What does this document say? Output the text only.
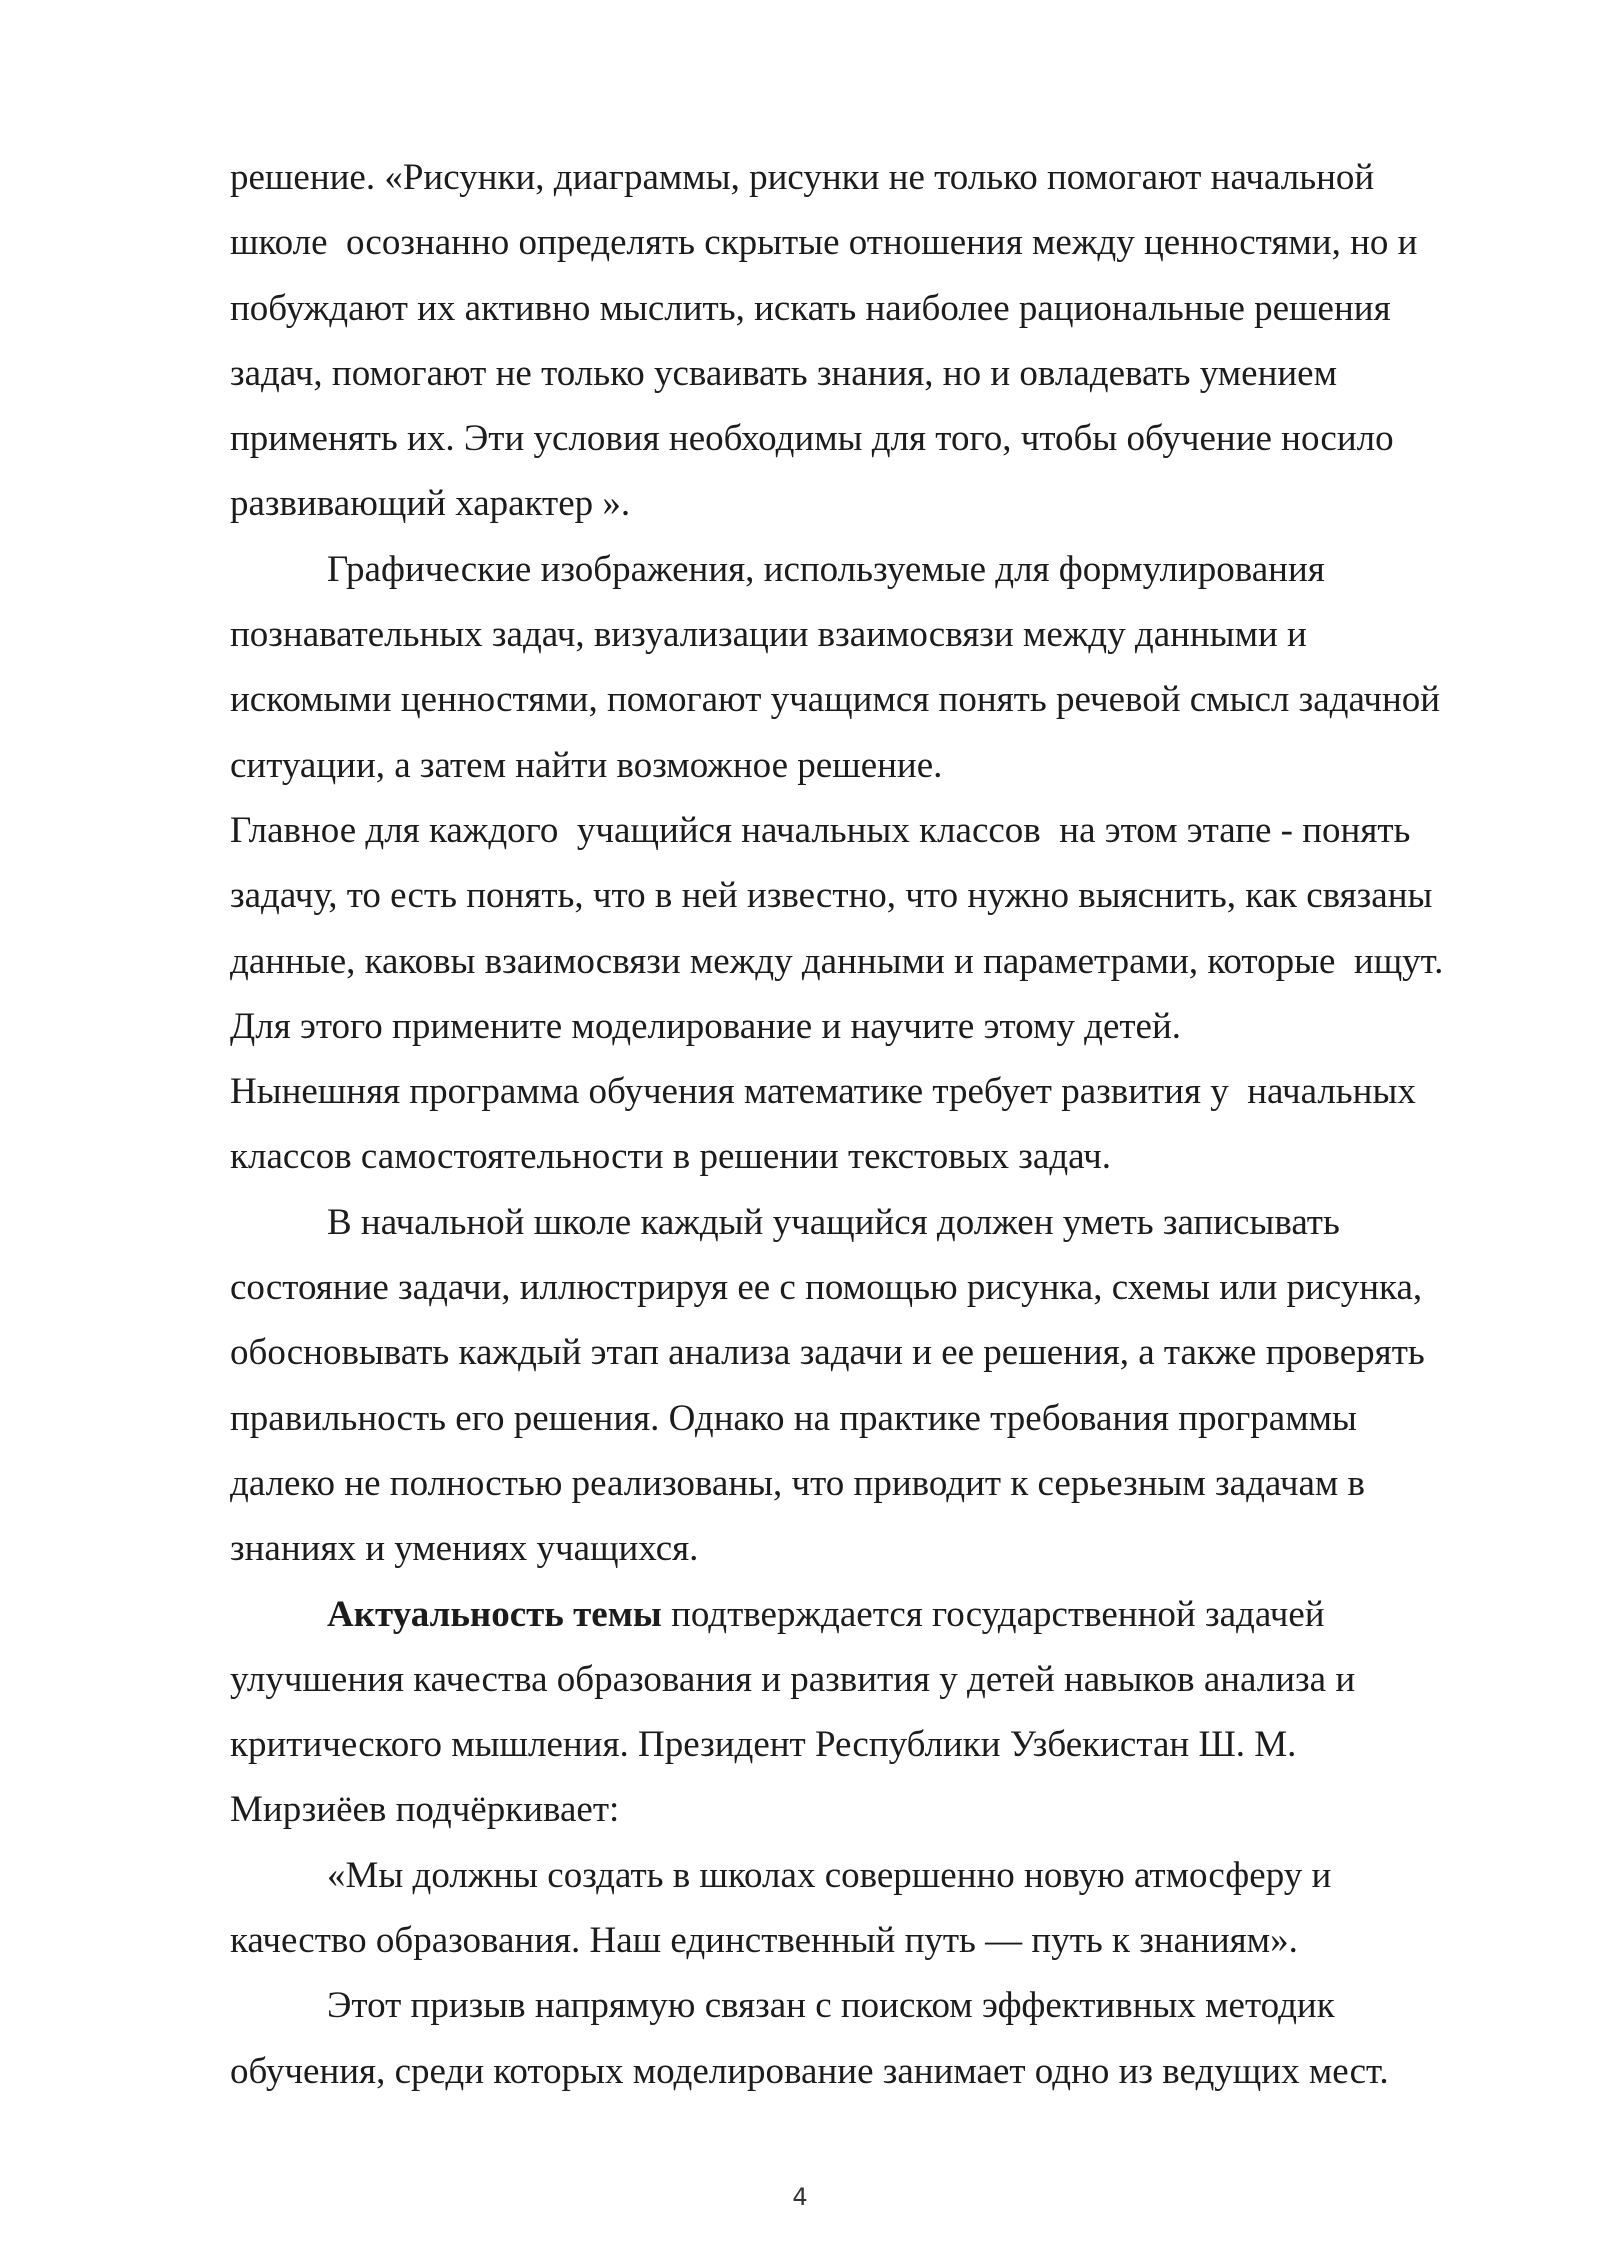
решение. «Рисунки, диаграммы, рисунки не только помогают начальной
школе  осознанно определять скрытые отношения между ценностями, но и
побуждают их активно мыслить, искать наиболее рациональные решения
задач, помогают не только усваивать знания, но и овладевать умением
применять их. Эти условия необходимы для того, чтобы обучение носило
развивающий характер ».
Графические изображения, используемые для формулирования
познавательных задач, визуализации взаимосвязи между данными и
искомыми ценностями, помогают учащимся понять речевой смысл задачной
ситуации, а затем найти возможное решение.
Главное для каждого  учащийся начальных классов  на этом этапе - понять
задачу, то есть понять, что в ней известно, что нужно выяснить, как связаны
данные, каковы взаимосвязи между данными и параметрами, которые  ищут.
Для этого примените моделирование и научите этому детей.
Нынешняя программа обучения математике требует развития у  начальных
классов самостоятельности в решении текстовых задач.
В начальной школе каждый учащийся должен уметь записывать
состояние задачи, иллюстрируя ее с помощью рисунка, схемы или рисунка,
обосновывать каждый этап анализа задачи и ее решения, а также проверять
правильность его решения. Однако на практике требования программы
далеко не полностью реализованы, что приводит к серьезным задачам в
знаниях и умениях учащихся.
Актуальность темы подтверждается государственной задачей
улучшения качества образования и развития у детей навыков анализа и
критического мышления. Президент Республики Узбекистан Ш. М.
Мирзиёев подчёркивает:
«Мы должны создать в школах совершенно новую атмосферу и
качество образования. Наш единственный путь — путь к знаниям».
Этот призыв напрямую связан с поиском эффективных методик
обучения, среди которых моделирование занимает одно из ведущих мест.
4
